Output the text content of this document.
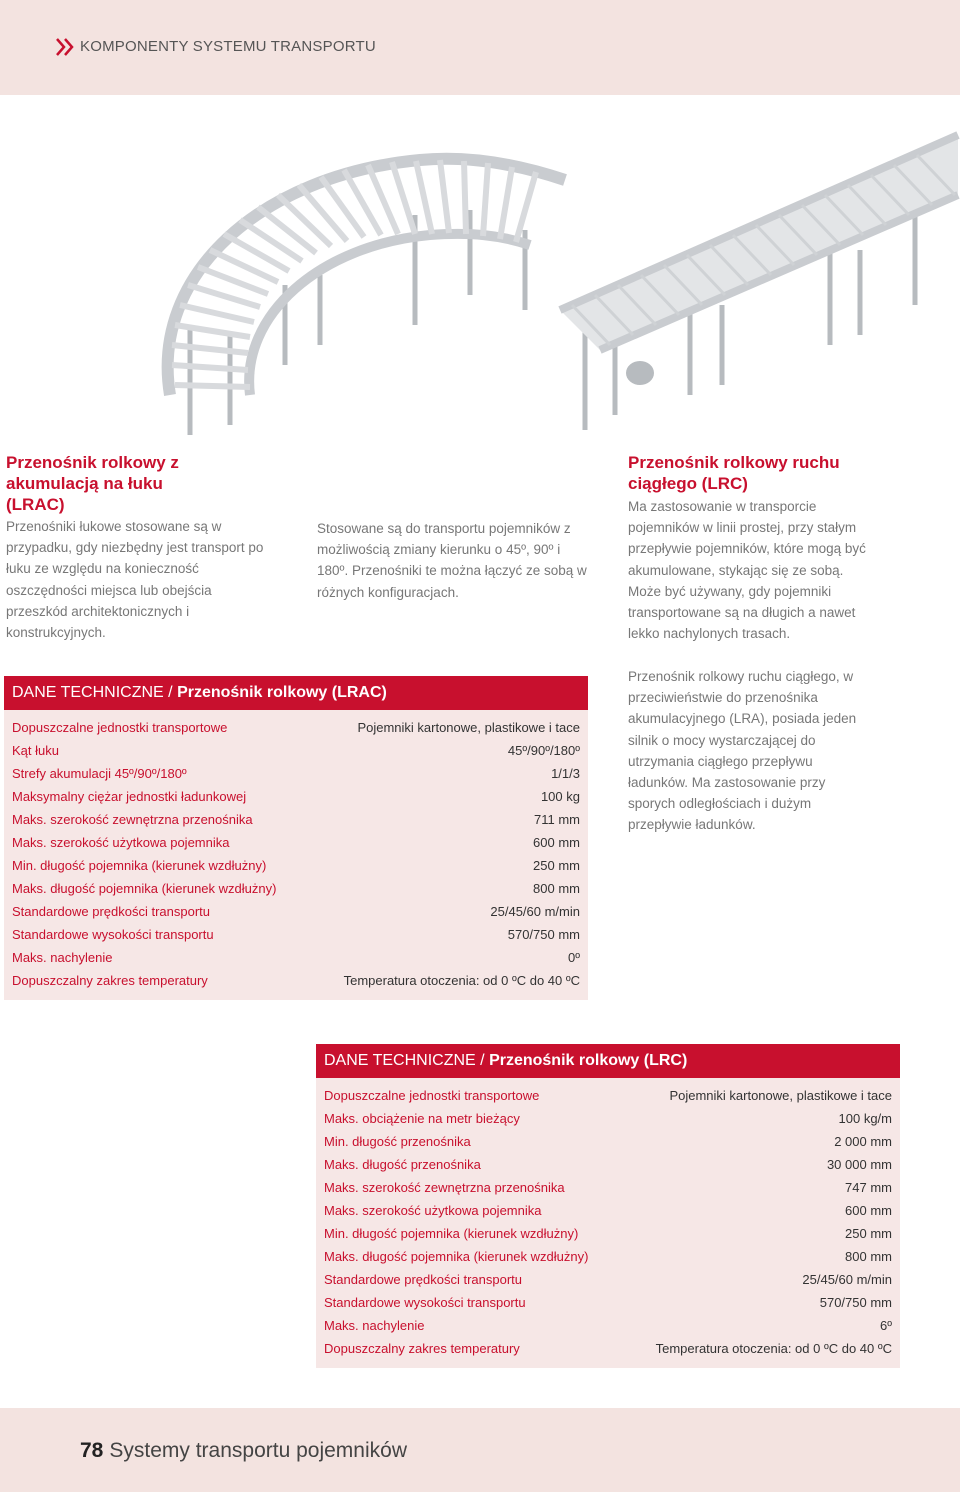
KOMPONENTY SYSTEMU TRANSPORTU
Przenośnik rolkowy z akumulacją na łuku (LRAC)
Przenośniki łukowe stosowane są w przypadku, gdy niezbędny jest transport po łuku ze względu na konieczność oszczędności miejsca lub obejścia przeszkód architektonicznych i konstrukcyjnych.
Stosowane są do transportu pojemników z możliwością zmiany kierunku o 45º, 90º i 180º. Przenośniki te można łączyć ze sobą w różnych konfiguracjach.
Przenośnik rolkowy ruchu ciągłego (LRC)
Ma zastosowanie w transporcie pojemników w linii prostej, przy stałym przepływie pojemników, które mogą być akumulowane, stykając się ze sobą. Może być używany, gdy pojemniki transportowane są na długich a nawet lekko nachylonych trasach.
Przenośnik rolkowy ruchu ciągłego, w przeciwieństwie do przenośnika akumulacyjnego (LRA), posiada jeden silnik o mocy wystarczającej do utrzymania ciągłego przepływu ładunków. Ma zastosowanie przy sporych odległościach i dużym przepływie ładunków.
DANE TECHNICZNE / Przenośnik rolkowy (LRAC)
Dopuszczalne jednostki transportowe	Pojemniki kartonowe, plastikowe i tace
Kąt łuku	45º/90º/180º
Strefy akumulacji 45º/90º/180º	1/1/3
Maksymalny ciężar jednostki ładunkowej	100 kg
Maks. szerokość zewnętrzna przenośnika	711 mm
Maks. szerokość użytkowa pojemnika	600 mm
Min. długość pojemnika (kierunek wzdłużny)	250 mm
Maks. długość pojemnika (kierunek wzdłużny)	800 mm
Standardowe prędkości transportu	25/45/60 m/min
Standardowe wysokości transportu	570/750 mm
Maks. nachylenie	0º
Dopuszczalny zakres temperatury	Temperatura otoczenia: od 0 ºC do 40 ºC
DANE TECHNICZNE / Przenośnik rolkowy (LRC)
Dopuszczalne jednostki transportowe	Pojemniki kartonowe, plastikowe i tace
Maks. obciążenie na metr bieżący	100 kg/m
Min. długość przenośnika	2 000 mm
Maks. długość przenośnika	30 000 mm
Maks. szerokość zewnętrzna przenośnika	747 mm
Maks. szerokość użytkowa pojemnika	600 mm
Min. długość pojemnika (kierunek wzdłużny)	250 mm
Maks. długość pojemnika (kierunek wzdłużny)	800 mm
Standardowe prędkości transportu	25/45/60 m/min
Standardowe wysokości transportu	570/750 mm
Maks. nachylenie	6º
Dopuszczalny zakres temperatury	Temperatura otoczenia: od 0 ºC do 40 ºC
78 Systemy transportu pojemników
